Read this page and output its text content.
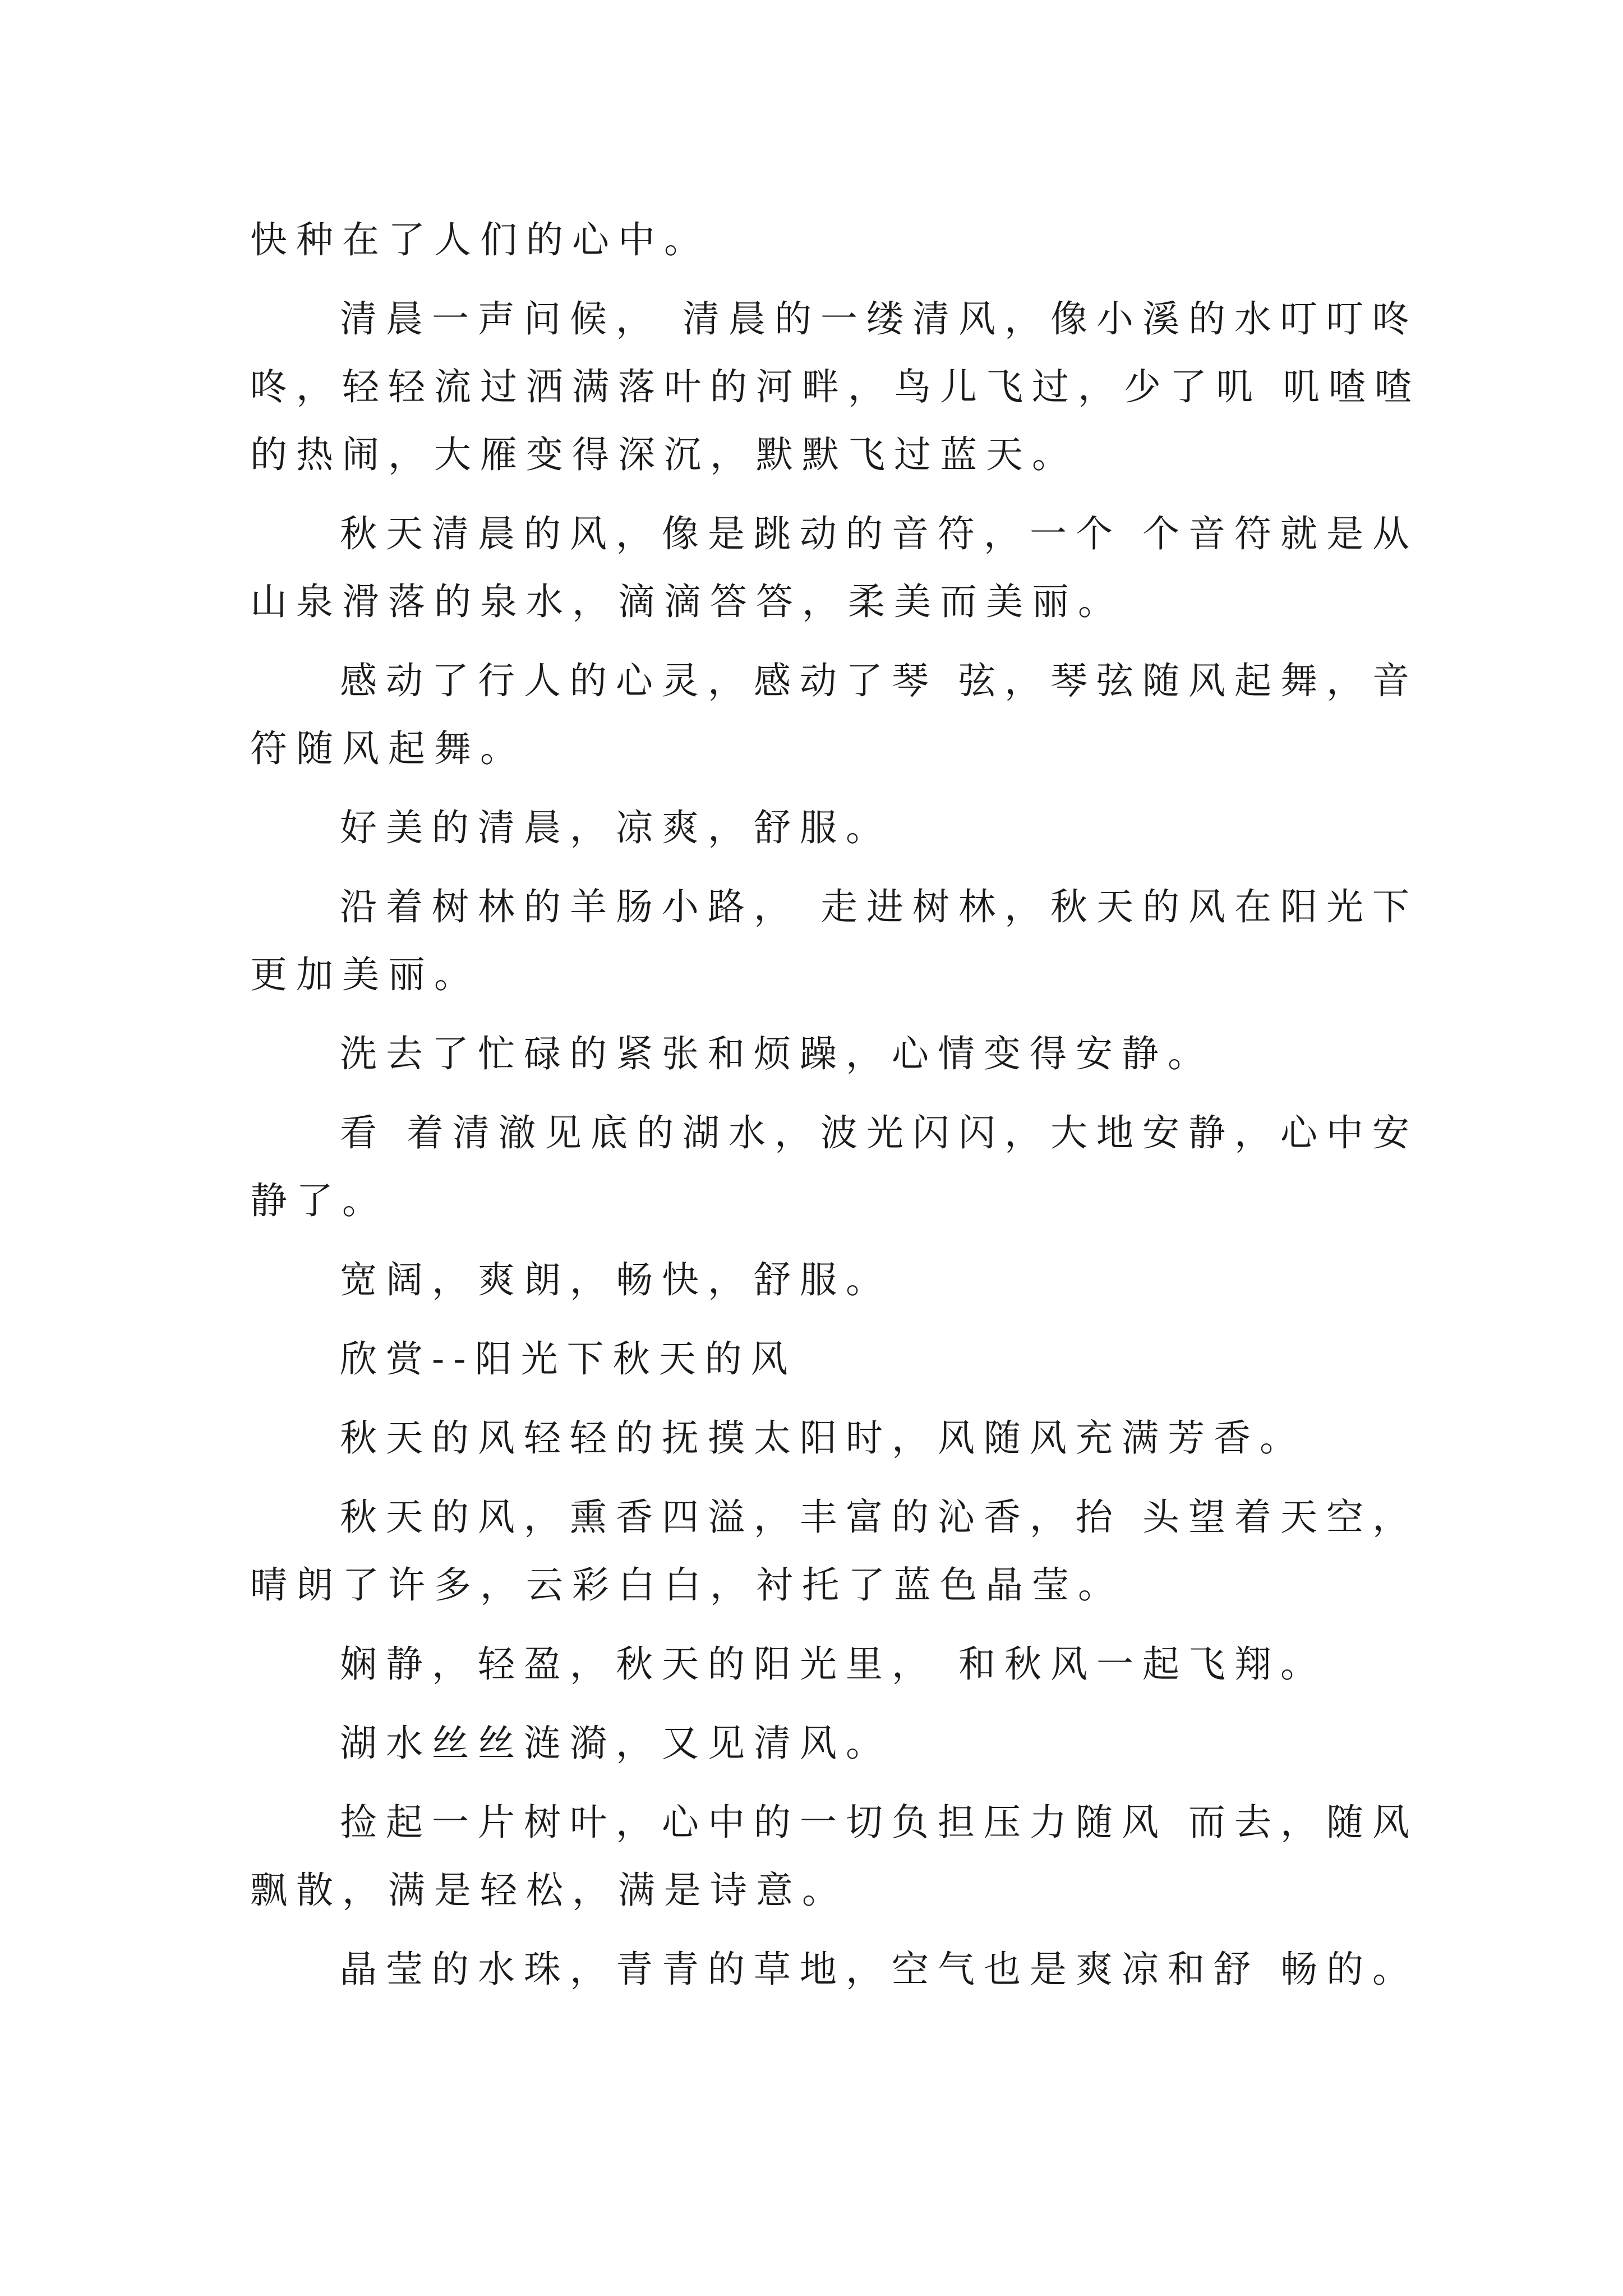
快种在了人们的心中。
清晨一声问候， 清晨的一缕清风，像小溪的水叮叮咚
咚，轻轻流过洒满落叶的河畔，鸟儿飞过，少了叽 叽喳喳
的热闹，大雁变得深沉，默默飞过蓝天。
秋天清晨的风，像是跳动的音符，一个 个音符就是从
山泉滑落的泉水，滴滴答答，柔美而美丽。
感动了行人的心灵，感动了琴 弦，琴弦随风起舞，音
符随风起舞。
好美的清晨，凉爽，舒服。
沿着树林的羊肠小路， 走进树林，秋天的风在阳光下
更加美丽。
洗去了忙碌的紧张和烦躁，心情变得安静。
看 着清澈见底的湖水，波光闪闪，大地安静，心中安
静了。
宽阔，爽朗，畅快，舒服。
欣赏--阳光下秋天的风
秋天的风轻轻的抚摸太阳时，风随风充满芳香。
秋天的风，熏香四溢，丰富的沁香，抬 头望着天空，
晴朗了许多，云彩白白，衬托了蓝色晶莹。
娴静，轻盈，秋天的阳光里， 和秋风一起飞翔。
湖水丝丝涟漪，又见清风。
捡起一片树叶，心中的一切负担压力随风 而去，随风
飘散，满是轻松，满是诗意。
晶莹的水珠，青青的草地，空气也是爽凉和舒 畅的。
